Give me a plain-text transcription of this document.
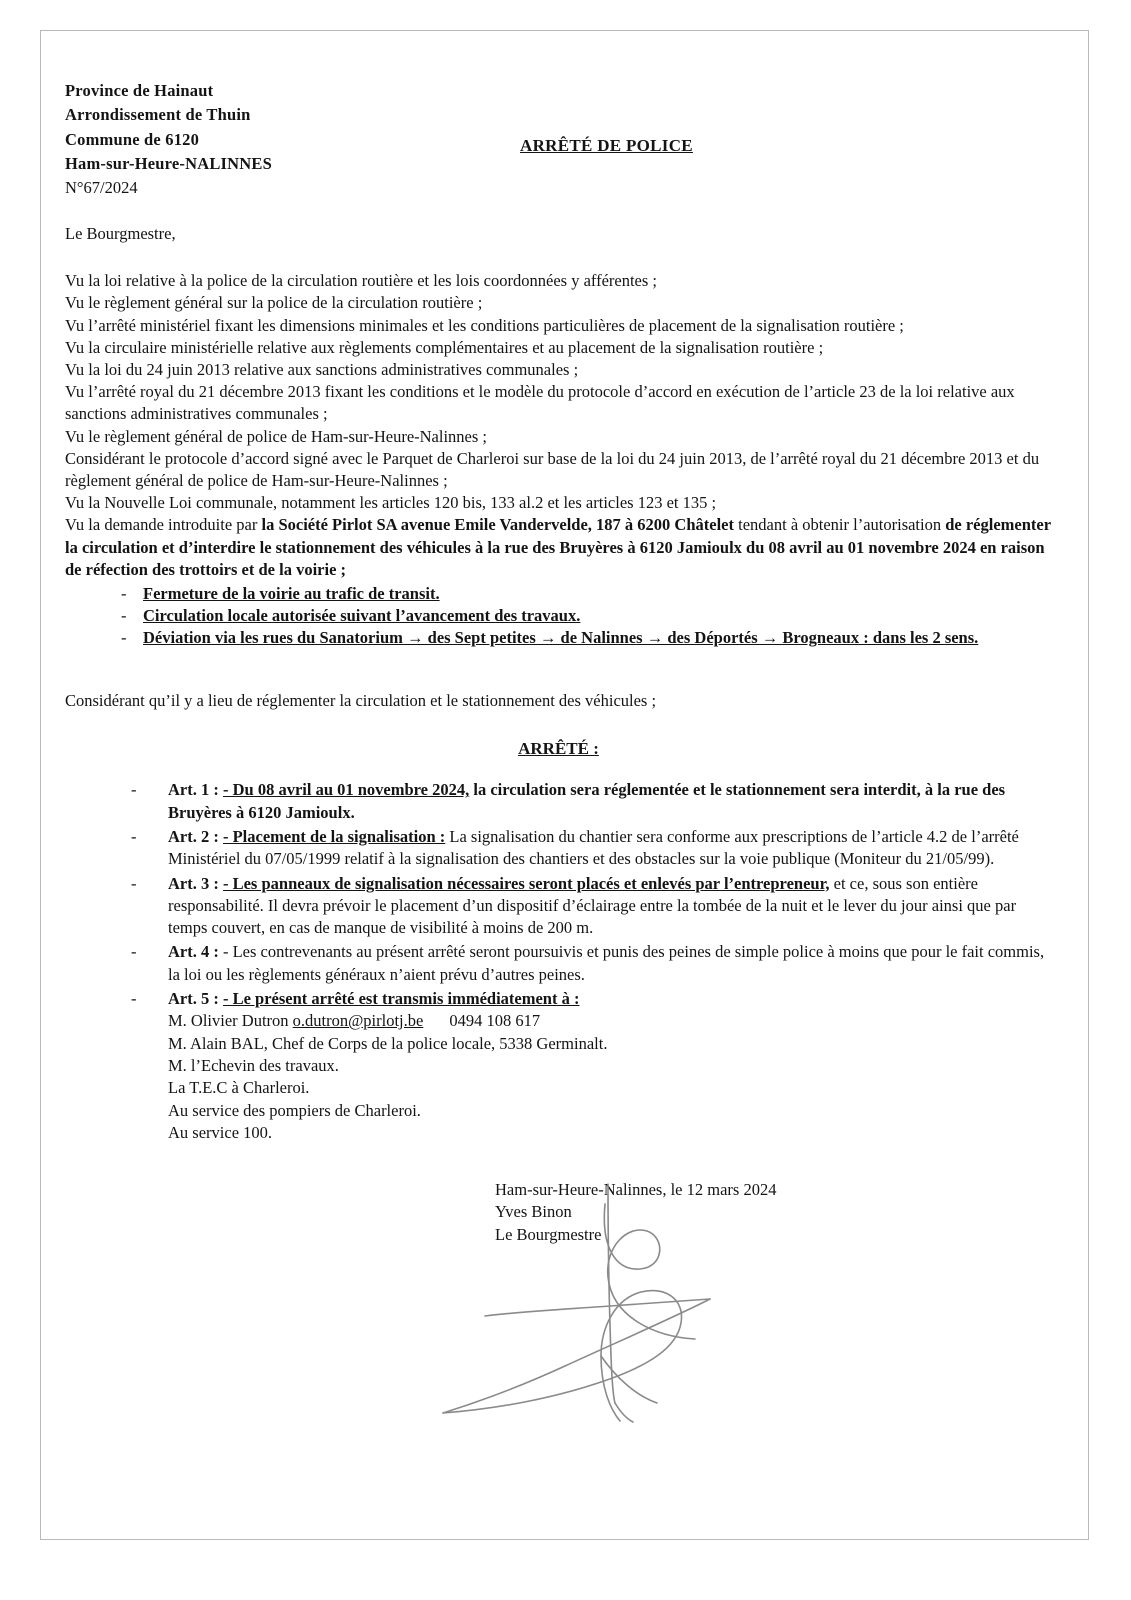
Province de Hainaut
Arrondissement de Thuin
Commune de 6120
Ham-sur-Heure-NALINNES
N°67/2024
ARRÊTÉ DE POLICE
Le Bourgmestre,

Vu la loi relative à la police de la circulation routière et les lois coordonnées y afférentes ;

Vu le règlement général sur la police de la circulation routière ;

Vu l’arrêté ministériel fixant les dimensions minimales et les conditions particulières de placement de la signalisation routière ;

Vu la circulaire ministérielle relative aux règlements complémentaires et au placement de la signalisation routière ;

Vu la loi du 24 juin 2013 relative aux sanctions administratives communales ;

Vu l’arrêté royal du 21 décembre 2013 fixant les conditions et le modèle du protocole d’accord en exécution de l’article 23 de la loi relative aux sanctions administratives communales ;

Vu le règlement général de police de Ham-sur-Heure-Nalinnes ;

Considérant le protocole d’accord signé avec le Parquet de Charleroi sur base de la loi du 24 juin 2013, de l’arrêté royal du 21 décembre 2013 et du règlement général de police de Ham-sur-Heure-Nalinnes ;

Vu la Nouvelle Loi communale, notamment les articles 120 bis, 133 al.2 et les articles 123 et 135 ;

Vu la demande introduite par la Société Pirlot SA avenue Emile Vandervelde, 187 à 6200 Châtelet tendant à obtenir l’autorisation de réglementer la circulation et d’interdire le stationnement des véhicules à la rue des Bruyères à 6120 Jamioulx du 08 avril au 01 novembre 2024 en raison de réfection des trottoirs et de la voirie ;

- Fermeture de la voirie au trafic de transit.
- Circulation locale autorisée suivant l’avancement des travaux.
- Déviation via les rues du Sanatorium → des Sept petites → de Nalinnes → des Déportés → Brogneaux : dans les 2 sens.
Considérant qu’il y a lieu de réglementer la circulation et le stationnement des véhicules ;
ARRÊTÉ :
- Art. 1 : - Du 08 avril au 01 novembre 2024, la circulation sera réglementée et le stationnement sera interdit, à la rue des Bruyères à 6120 Jamioulx.
- Art. 2 : - Placement de la signalisation : La signalisation du chantier sera conforme aux prescriptions de l’article 4.2 de l’arrêté Ministériel du 07/05/1999 relatif à la signalisation des chantiers et des obstacles sur la voie publique (Moniteur du 21/05/99).
- Art. 3 : - Les panneaux de signalisation nécessaires seront placés et enlevés par l’entrepreneur, et ce, sous son entière responsabilité. Il devra prévoir le placement d’un dispositif d’éclairage entre la tombée de la nuit et le lever du jour ainsi que par temps couvert, en cas de manque de visibilité à moins de 200 m.
- Art. 4 : - Les contrevenants au présent arrêté seront poursuivis et punis des peines de simple police à moins que pour le fait commis, la loi ou les règlements généraux n’aient prévu d’autres peines.
- Art. 5 : - Le présent arrêté est transmis immédiatement à :
M. Olivier Dutron o.dutron@pirlotj.be 0494 108 617
M. Alain BAL, Chef de Corps de la police locale, 5338 Germinalt.
M. l’Echevin des travaux.
La T.E.C à Charleroi.
Au service des pompiers de Charleroi.
Au service 100.
Ham-sur-Heure-Nalinnes, le 12 mars 2024
Yves Binon
Le Bourgmestre
